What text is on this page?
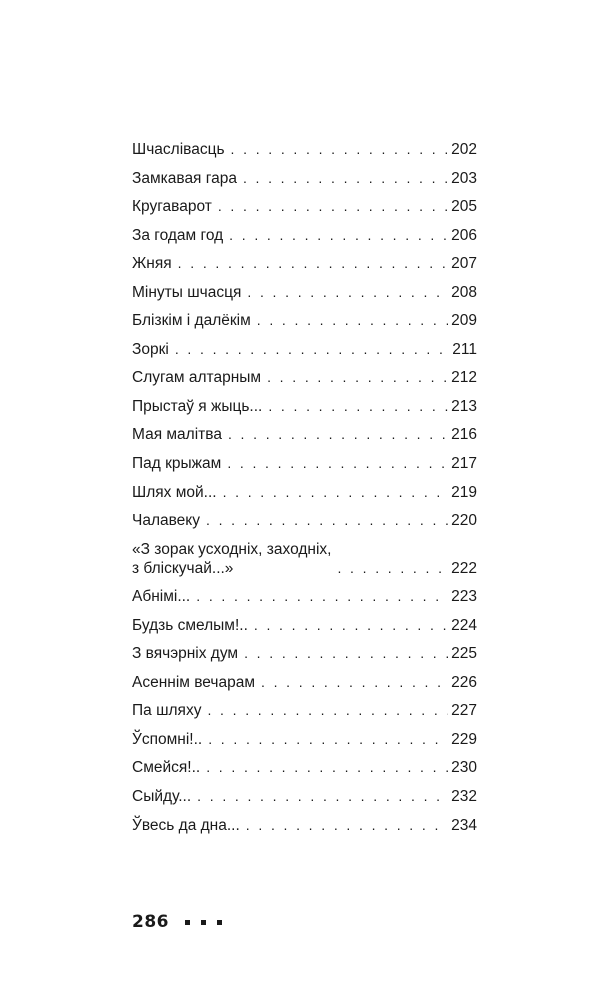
Шчаслівасць . . .	202
Замкавая гара . . .	203
Кругаварот . . .	205
За годам год . . .	206
Жняя . . .	207
Мінуты шчасця . . .	208
Блізкім і далёкім . . .	209
Зоркі . . .	211
Слугам алтарным . . .	212
Прыстаў я жыць... . . .	213
Мая малітва . . .	216
Пад крыжам . . .	217
Шлях мой... . . .	219
Чалавеку . . .	220
«З зорак усходніх, заходніх,
з бліскучай...» . . .	222
Абнімі... . . .	223
Будзь смелым!.. . . .	224
З вячэрніх дум . . .	225
Асеннім вечарам . . .	226
Па шляху . . .	227
Ўспомні!.. . . .	229
Смейся!.. . . .	230
Сыйду... . . .	232
Ўвесь да дна... . . .	234
286
